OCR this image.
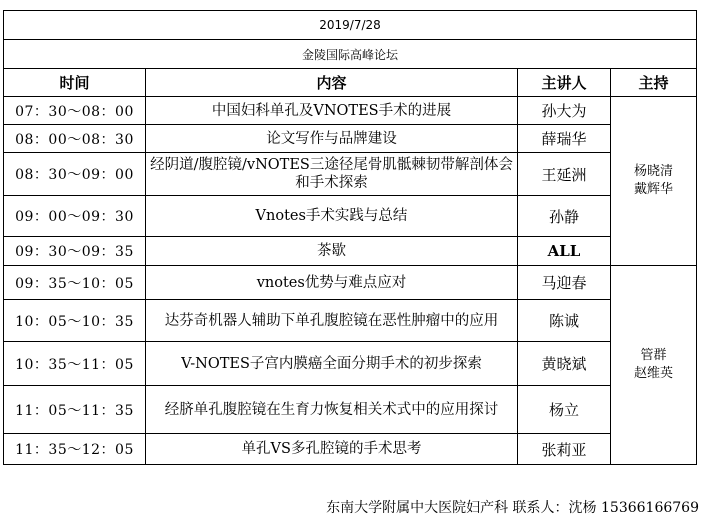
2019/7/28			
金陵国际高峰论坛			
时间	内容	主讲人	主持
07：30～08：00	中国妇科单孔及VNOTES手术的进展	孙大为	杨晓清
戴辉华

08：00～08：30	论文写作与品牌建设	薛瑞华	
08：30～09：00	经阴道/腹腔镜/vNOTES三途径尾骨肌骶棘韧带解剖体会和手术探索	王延洲	
09：00～09：30	Vnotes手术实践与总结	孙静	
09：30～09：35	茶歇	ALL	
09：35～10：05	vnotes优势与难点应对	马迎春	管群
赵维英

10：05～10：35	达芬奇机器人辅助下单孔腹腔镜在恶性肿瘤中的应用	陈诚	
10：35～11：05	V-NOTES子宫内膜癌全面分期手术的初步探索	黄晓斌	
11：05～11：35	经脐单孔腹腔镜在生育力恢复相关术式中的应用探讨	杨立	
11：35～12：05	单孔VS多孔腔镜的手术思考	张莉亚	
东南大学附属中大医院妇产科 联系人：沈杨 15366166769
